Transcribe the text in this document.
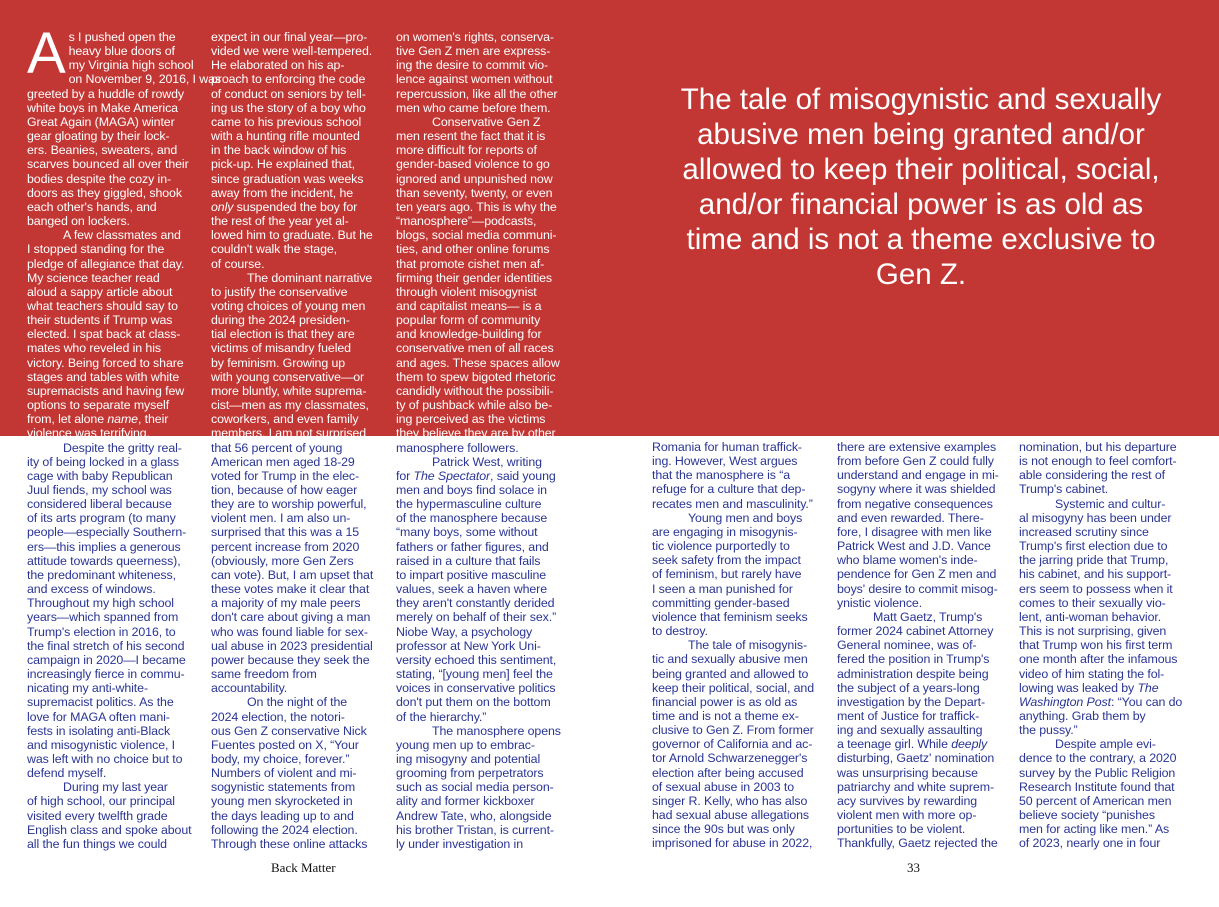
A s I pushed open the
heavy blue doors of
my Virginia high school
on November 9, 2016, I was
greeted by a huddle of rowdy
white boys in Make America
Great Again (MAGA) winter
gear gloating by their lock-
ers. Beanies, sweaters, and
scarves bounced all over their
bodies despite the cozy in-
doors as they giggled, shook
each other's hands, and
banged on lockers.
A few classmates and
I stopped standing for the
pledge of allegiance that day.
My science teacher read
aloud a sappy article about
what teachers should say to
their students if Trump was
elected. I spat back at class-
mates who reveled in his
victory. Being forced to share
stages and tables with white
supremacists and having few
options to separate myself
from, let alone name, their
violence was terrifying.
Despite the gritty real-
ity of being locked in a glass
cage with baby Republican
Juul fiends, my school was
considered liberal because
of its arts program (to many
people—especially Southern-
ers—this implies a generous
attitude towards queerness),
the predominant whiteness,
and excess of windows.
Throughout my high school
years—which spanned from
Trump's election in 2016, to
the final stretch of his second
campaign in 2020—I became
increasingly fierce in commu-
nicating my anti-white-
supremacist politics. As the
love for MAGA often mani-
fests in isolating anti-Black
and misogynistic violence, I
was left with no choice but to
defend myself.
During my last year
of high school, our principal
visited every twelfth grade
English class and spoke about
all the fun things we could
expect in our final year—pro-
vided we were well-tempered.
He elaborated on his ap-
proach to enforcing the code
of conduct on seniors by tell-
ing us the story of a boy who
came to his previous school
with a hunting rifle mounted
in the back window of his
pick-up. He explained that,
since graduation was weeks
away from the incident, he
only suspended the boy for
the rest of the year yet al-
lowed him to graduate. But he
couldn't walk the stage,
of course.
The dominant narrative
to justify the conservative
voting choices of young men
during the 2024 presiden-
tial election is that they are
victims of misandry fueled
by feminism. Growing up
with young conservative—or
more bluntly, white suprema-
cist—men as my classmates,
coworkers, and even family
members, I am not surprised
that 56 percent of young
American men aged 18-29
voted for Trump in the elec-
tion, because of how eager
they are to worship powerful,
violent men. I am also un-
surprised that this was a 15
percent increase from 2020
(obviously, more Gen Zers
can vote). But, I am upset that
these votes make it clear that
a majority of my male peers
don't care about giving a man
who was found liable for sex-
ual abuse in 2023 presidential
power because they seek the
same freedom from
accountability.
On the night of the
2024 election, the notori-
ous Gen Z conservative Nick
Fuentes posted on X, “Your
body, my choice, forever.”
Numbers of violent and mi-
sogynistic statements from
young men skyrocketed in
the days leading up to and
following the 2024 election.
Through these online attacks
on women's rights, conserva-
tive Gen Z men are express-
ing the desire to commit vio-
lence against women without
repercussion, like all the other
men who came before them.
Conservative Gen Z
men resent the fact that it is
more difficult for reports of
gender-based violence to go
ignored and unpunished now
than seventy, twenty, or even
ten years ago. This is why the
“manosphere”—podcasts,
blogs, social media communi-
ties, and other online forums
that promote cishet men af-
firming their gender identities
through violent misogynist
and capitalist means— is a
popular form of community
and knowledge-building for
conservative men of all races
and ages. These spaces allow
them to spew bigoted rhetoric
candidly without the possibili-
ty of pushback while also be-
ing perceived as the victims
they believe they are by other
manosphere followers.
Patrick West, writing
for The Spectator, said young
men and boys find solace in
the hypermasculine culture
of the manosphere because
“many boys, some without
fathers or father figures, and
raised in a culture that fails
to impart positive masculine
values, seek a haven where
they aren't constantly derided
merely on behalf of their sex.”
Niobe Way, a psychology
professor at New York Uni-
versity echoed this sentiment,
stating, “[young men] feel the
voices in conservative politics
don't put them on the bottom
of the hierarchy.”
The manosphere opens
young men up to embrac-
ing misogyny and potential
grooming from perpetrators
such as social media person-
ality and former kickboxer
Andrew Tate, who, alongside
his brother Tristan, is current-
ly under investigation in
Romania for human traffick-
ing. However, West argues
that the manosphere is “a
refuge for a culture that dep-
recates men and masculinity.”
Young men and boys
are engaging in misogynis-
tic violence purportedly to
seek safety from the impact
of feminism, but rarely have
I seen a man punished for
committing gender-based
violence that feminism seeks
to destroy.
The tale of misogynis-
tic and sexually abusive men
being granted and allowed to
keep their political, social, and
financial power is as old as
time and is not a theme ex-
clusive to Gen Z. From former
governor of California and ac-
tor Arnold Schwarzenegger's
election after being accused
of sexual abuse in 2003 to
singer R. Kelly, who has also
had sexual abuse allegations
since the 90s but was only
imprisoned for abuse in 2022,
there are extensive examples
from before Gen Z could fully
understand and engage in mi-
sogyny where it was shielded
from negative consequences
and even rewarded. There-
fore, I disagree with men like
Patrick West and J.D. Vance
who blame women's inde-
pendence for Gen Z men and
boys' desire to commit misog-
ynistic violence.
Matt Gaetz, Trump's
former 2024 cabinet Attorney
General nominee, was of-
fered the position in Trump's
administration despite being
the subject of a years-long
investigation by the Depart-
ment of Justice for traffick-
ing and sexually assaulting
a teenage girl. While deeply
disturbing, Gaetz' nomination
was unsurprising because
patriarchy and white suprem-
acy survives by rewarding
violent men with more op-
portunities to be violent.
Thankfully, Gaetz rejected the
nomination, but his departure
is not enough to feel comfort-
able considering the rest of
Trump's cabinet.
Systemic and cultur-
al misogyny has been under
increased scrutiny since
Trump's first election due to
the jarring pride that Trump,
his cabinet, and his support-
ers seem to possess when it
comes to their sexually vio-
lent, anti-woman behavior.
This is not surprising, given
that Trump won his first term
one month after the infamous
video of him stating the fol-
lowing was leaked by The
Washington Post: “You can do
anything. Grab them by
the pussy.”
Despite ample evi-
dence to the contrary, a 2020
survey by the Public Religion
Research Institute found that
50 percent of American men
believe society “punishes
men for acting like men.” As
of 2023, nearly one in four
The tale of misogynistic and sexually abusive men being granted and/or allowed to keep their political, social, and/or financial power is as old as time and is not a theme exclusive to Gen Z.
Back Matter	33
